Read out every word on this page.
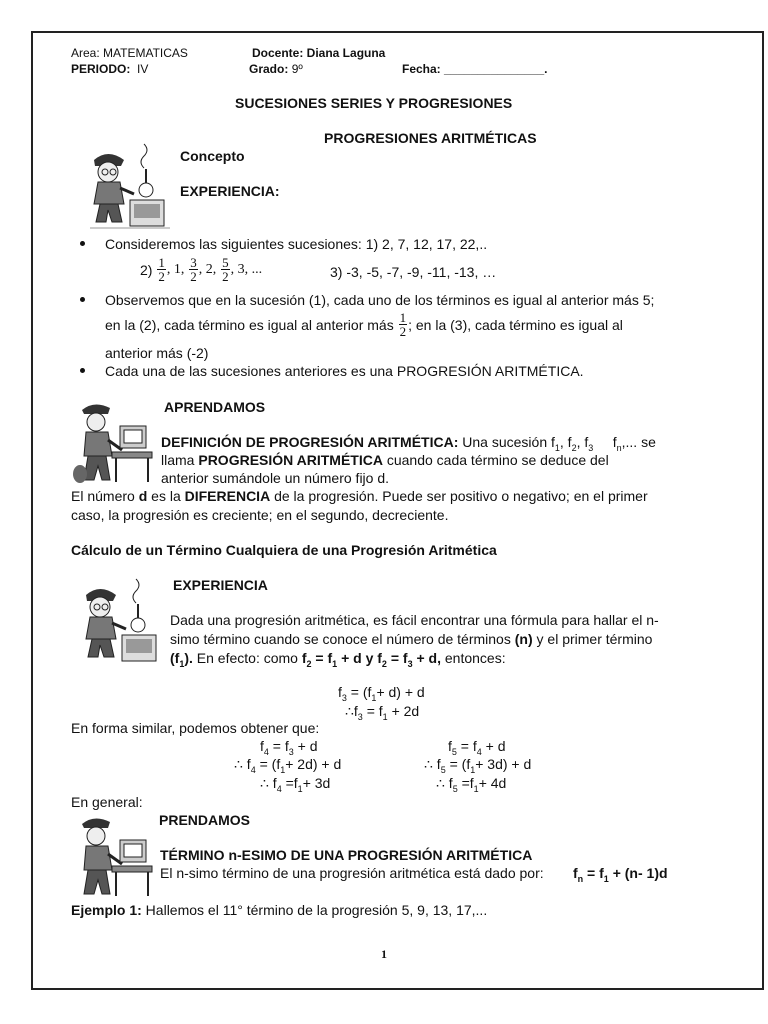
Area: MATEMATICAS
PERIODO: IV
Docente: Diana Laguna
Grado: 9º	Fecha: _______________.
SUCESIONES SERIES Y PROGRESIONES
PROGRESIONES ARITMÉTICAS
Concepto
EXPERIENCIA:
Consideremos las siguientes sucesiones: 1) 2, 7, 12, 17, 22,..
2)
$\frac{1}{2}$ , 1,
$\frac{3}{2}$ , 2,
$\frac{5}{2}$ , 3, ...	3) -3, -5, -7, -9, -11, -13, …
Observemos que en la sucesión (1), cada uno de los términos es igual al anterior más 5;
en la (2), cada término es igual al anterior más
$\frac{1}{2}$ ; en la (3), cada término es igual al
anterior más (-2)
Cada una de las sucesiones anteriores es una PROGRESIÓN ARITMÉTICA.
APRENDAMOS
DEFINICIÓN DE PROGRESIÓN ARITMÉTICA: Una sucesión $f_1$, $f_2$, $f_3$     $f_n$,... se
llama PROGRESIÓN ARITMÉTICA cuando cada término se deduce del
anterior sumándole un número fijo d.
El número d es la DIFERENCIA de la progresión. Puede ser positivo o negativo; en el primer
caso, la progresión es creciente; en el segundo, decreciente.
Cálculo de un Término Cualquiera de una Progresión Aritmética
EXPERIENCIA
Dada una progresión aritmética, es fácil encontrar una fórmula para hallar el n-
simo término cuando se conoce el número de términos (n) y el primer término
$(f_1)$. En efecto: como $f_2 = f_1 + d$ y $f_2 = f_3 + d$, entonces:
$f_3 = (f_1+ d) + d$
$\therefore f_3 = f_1 + 2d$
En forma similar, podemos obtener que:
$f_4 = f_3 + d$
∴ $f_4 = (f_1+ 2d) + d$
∴ $f_4 =f_1+ 3d$
$f_5 = f_4 + d$
∴ $f_5 = (f_1+ 3d) + d$
∴ $f_5 =f_1+ 4d$
En general:
PRENDAMOS
TÉRMINO n-ESIMO DE UNA PROGRESIÓN ARITMÉTICA
El n-simo término de una progresión aritmética está dado por: $f_n = f_1 + (n-$ 1)d
Ejemplo 1: Hallemos el 11° término de la progresión 5, 9, 13, 17,...
1
